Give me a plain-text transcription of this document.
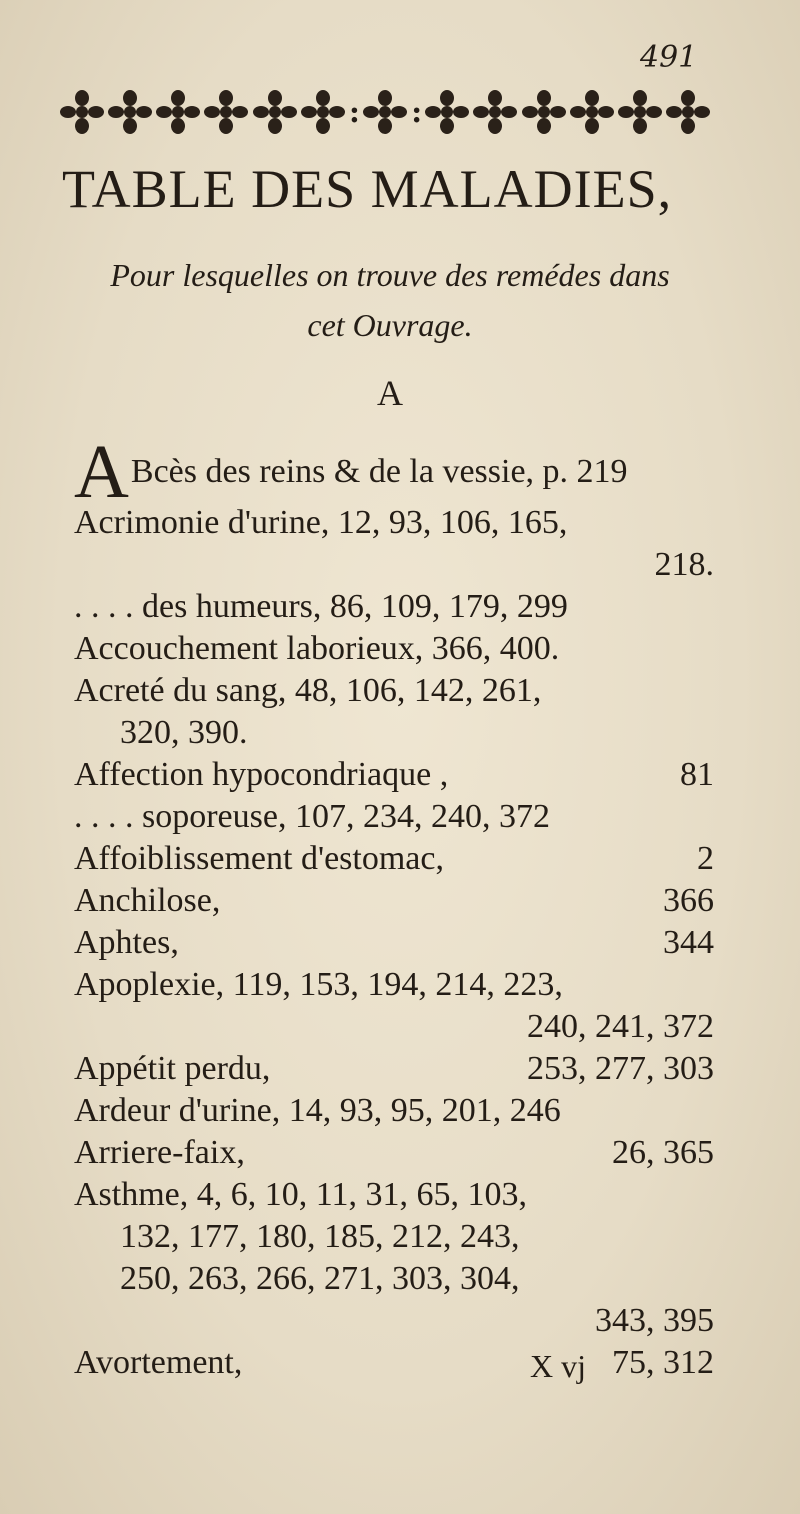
491
: :
TABLE DES MALADIES,
Pour lesquelles on trouve des remédes dans
cet Ouvrage.
A
ABcès des reins & de la vessie, p. 219
Acrimonie d'urine, 12, 93, 106, 165,
218.
. . . . des humeurs, 86, 109, 179, 299
Accouchement laborieux, 366, 400.
Acreté du sang, 48, 106, 142, 261,
320, 390.
Affection hypocondriaque ,	81
. . . . soporeuse, 107, 234, 240, 372
Affoiblissement d'estomac,	2
Anchilose,	366
Aphtes,	344
Apoplexie, 119, 153, 194, 214, 223,
240, 241, 372
Appétit perdu,	253, 277, 303
Ardeur d'urine, 14, 93, 95, 201, 246
Arriere-faix,	26, 365
Asthme, 4, 6, 10, 11, 31, 65, 103,
132, 177, 180, 185, 212, 243,
250, 263, 266, 271, 303, 304,
343, 395
Avortement,	75, 312
X vj
